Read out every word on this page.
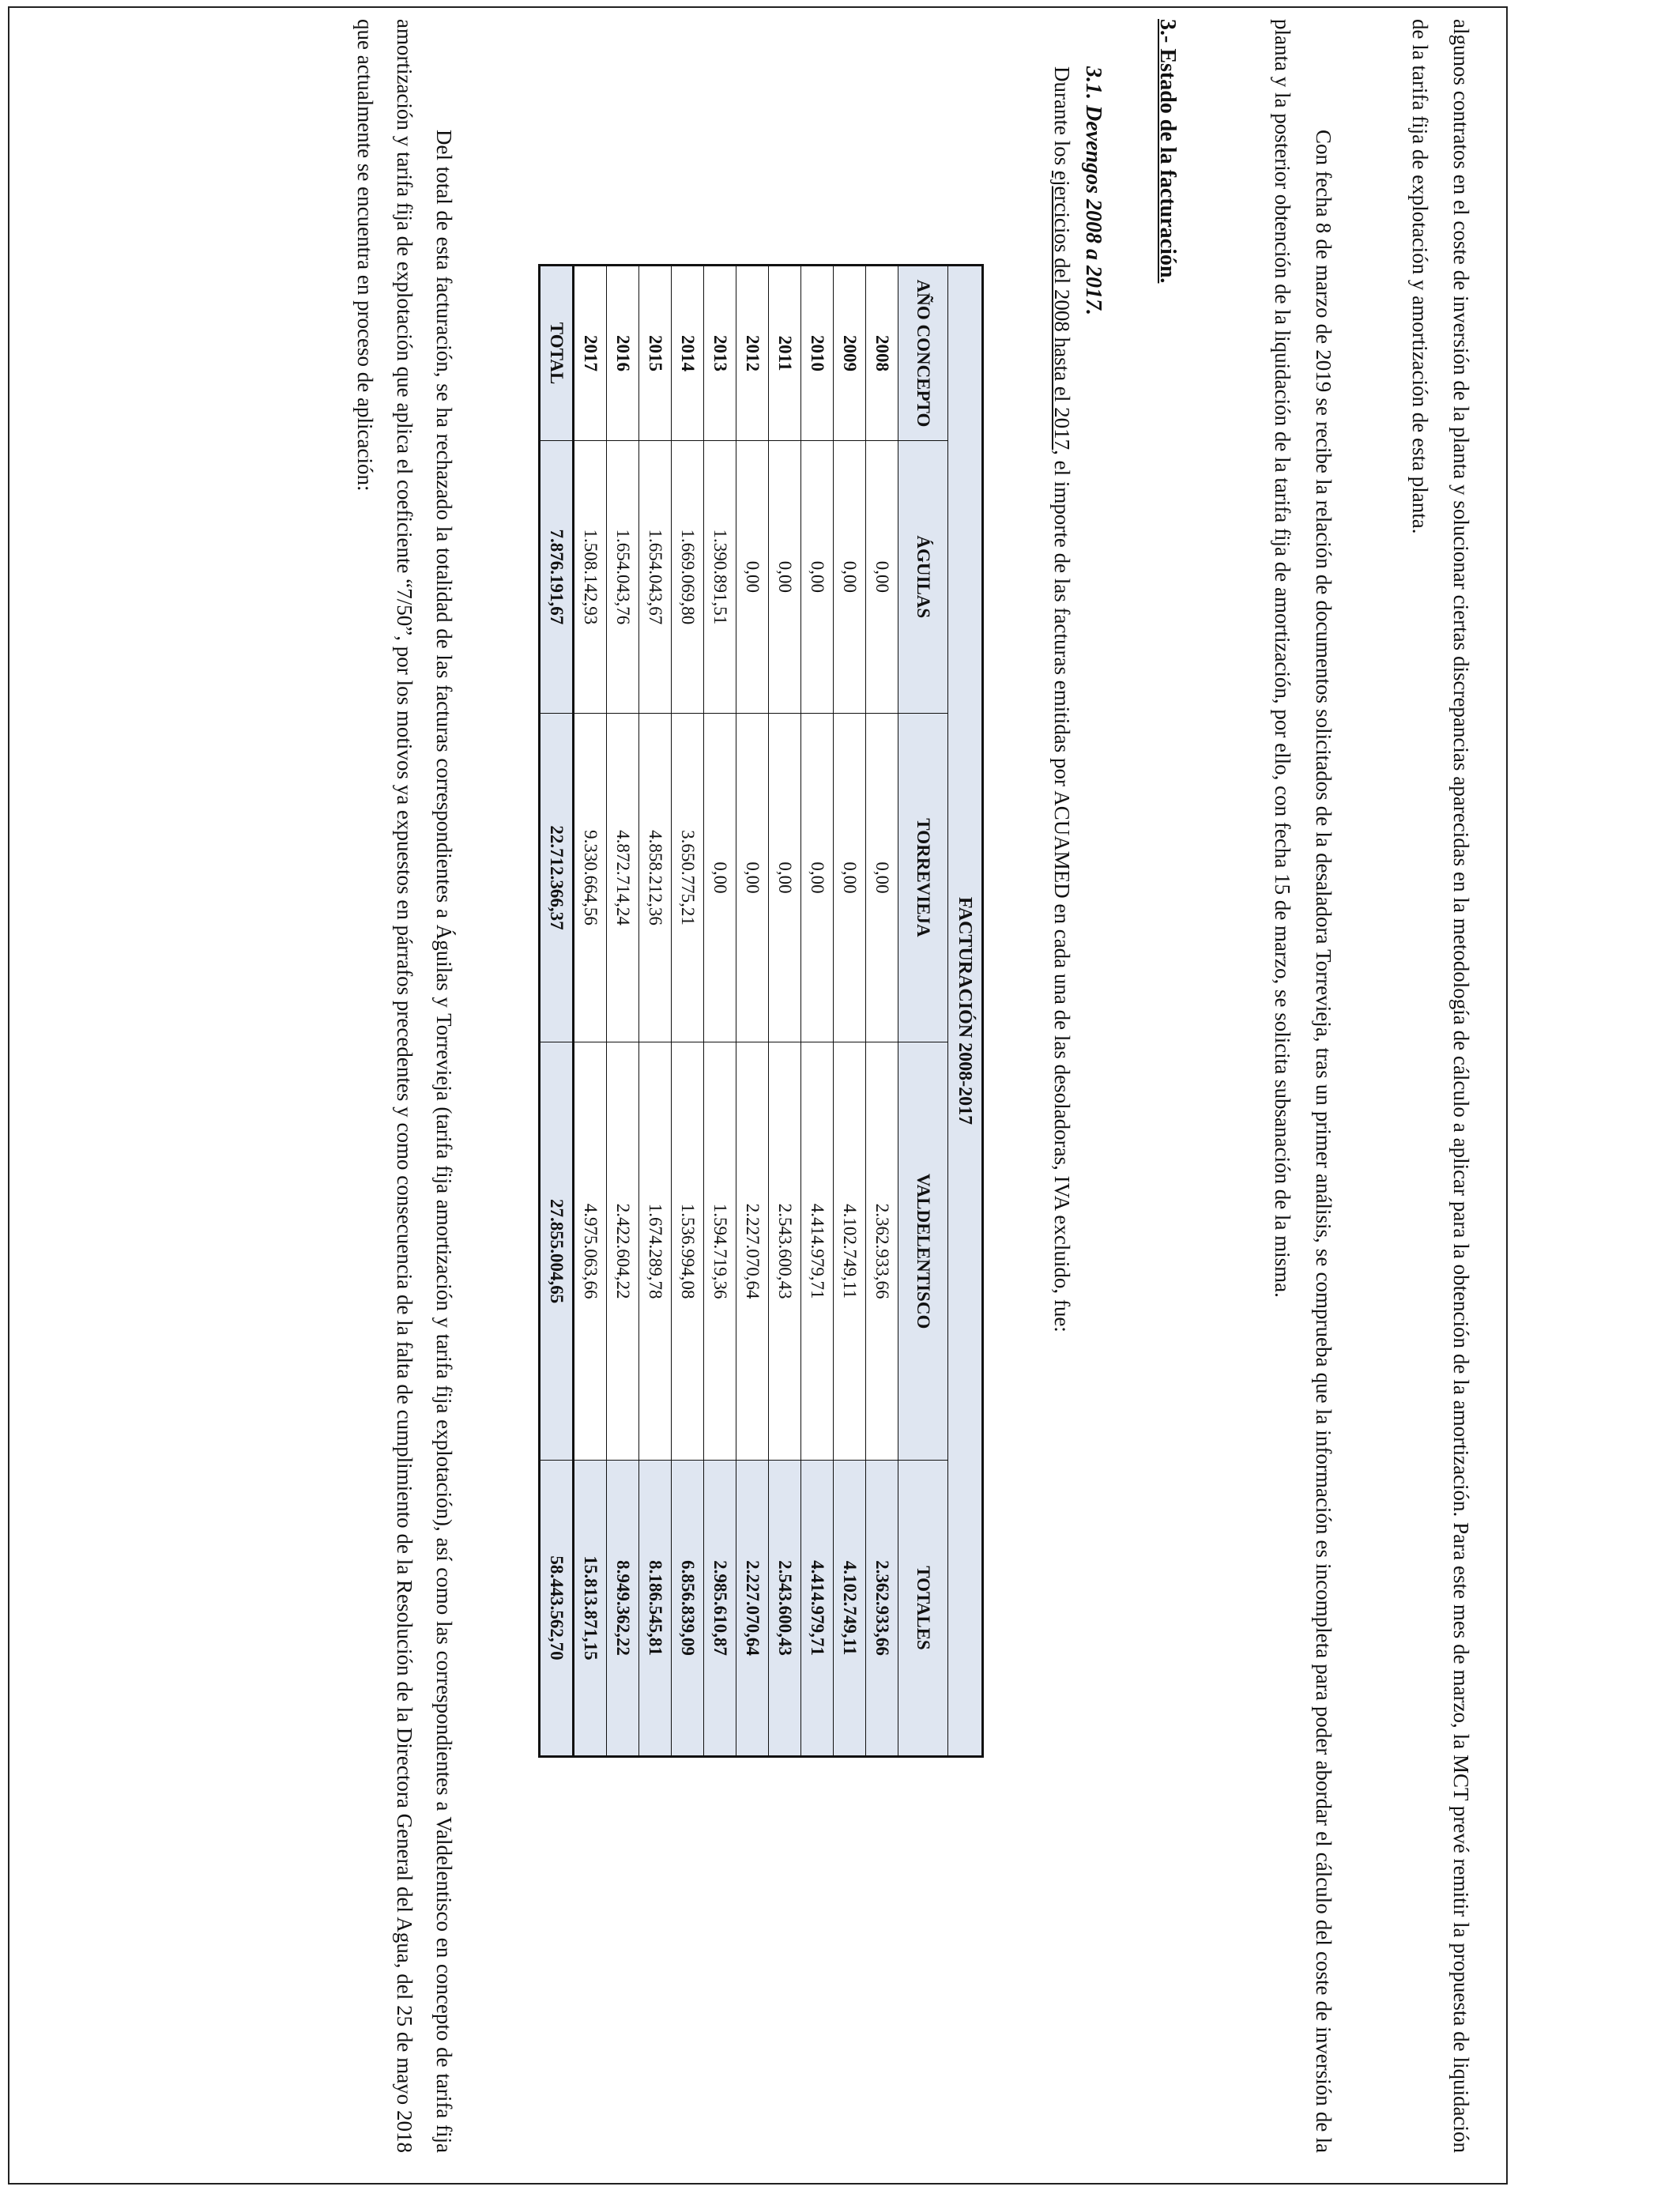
algunos contratos en el coste de inversión de la planta y solucionar ciertas discrepancias aparecidas en la metodología de cálculo a aplicar para la obtención de la amortización. Para este mes de marzo, la MCT prevé remitir la propuesta de liquidación de la tarifa fija de explotación y amortización de esta planta.
Con fecha 8 de marzo de 2019 se recibe la relación de documentos solicitados de la desaladora Torrevieja, tras un primer análisis, se comprueba que la información es incompleta para poder abordar el cálculo del coste de inversión de la planta y la posterior obtención de la liquidación de la tarifa fija de amortización, por ello, con fecha 15 de marzo, se solicita subsanación de la misma.
3.- Estado de la facturación.
3.1. Devengos 2008 a 2017.
Durante los ejercicios del 2008 hasta el 2017, el importe de las facturas emitidas por ACUAMED en cada una de las desoladoras, IVA excluido, fue:
FACTURACIÓN 2008-2017				
AÑO CONCEPTO	ÁGUILAS	TORREVIEJA	VALDELENTISCO	TOTALES
2008	0,00	0,00	2.362.933,66	2.362.933,66
2009	0,00	0,00	4.102.749,11	4.102.749,11
2010	0,00	0,00	4.414.979,71	4.414.979,71
2011	0,00	0,00	2.543.600,43	2.543.600,43
2012	0,00	0,00	2.227.070,64	2.227.070,64
2013	1.390.891,51	0,00	1.594.719,36	2.985.610,87
2014	1.669.069,80	3.650.775,21	1.536.994,08	6.856.839,09
2015	1.654.043,67	4.858.212,36	1.674.289,78	8.186.545,81
2016	1.654.043,76	4.872.714,24	2.422.604,22	8.949.362,22
2017	1.508.142,93	9.330.664,56	4.975.063,66	15.813.871,15
TOTAL	7.876.191,67	22.712.366,37	27.855.004,65	58.443.562,70
Del total de esta facturación, se ha rechazado la totalidad de las facturas correspondientes a Águilas y Torrevieja (tarifa fija amortización y tarifa fija explotación), así como las correspondientes a Valdelentisco en concepto de tarifa fija amortización y tarifa fija de explotación que aplica el coeficiente “7/50”, por los motivos ya expuestos en párrafos precedentes y como consecuencia de la falta de cumplimiento de la Resolución de la Directora General del Agua, del 25 de mayo 2018 que actualmente se encuentra en proceso de aplicación:
